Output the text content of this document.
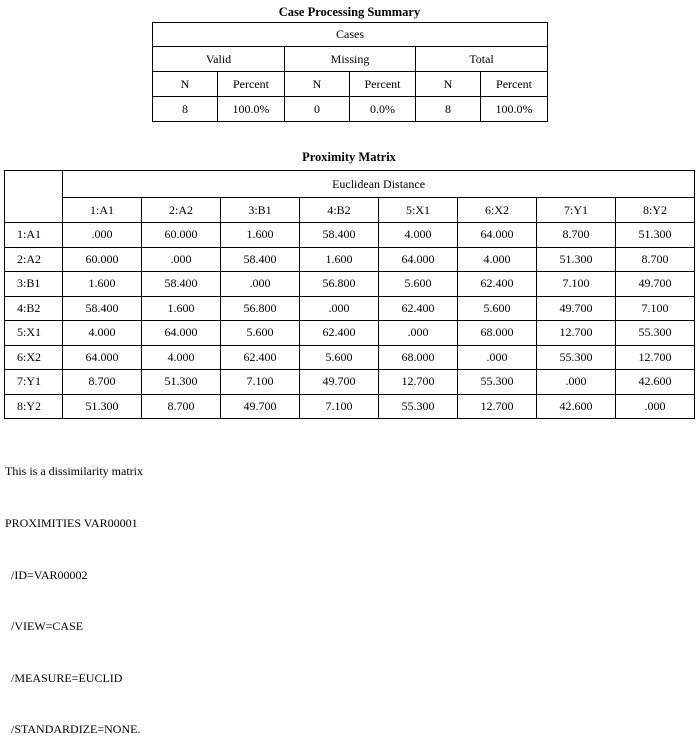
Case Processing Summary
Cases					
Valid		Missing		Total	
N	Percent	N	Percent	N	Percent
8	100.0%	0	0.0%	8	100.0%
Proximity Matrix
	Euclidean Distance							
	1:A1	2:A2	3:B1	4:B2	5:X1	6:X2	7:Y1	8:Y2
1:A1	.000	60.000	1.600	58.400	4.000	64.000	8.700	51.300
2:A2	60.000	.000	58.400	1.600	64.000	4.000	51.300	8.700
3:B1	1.600	58.400	.000	56.800	5.600	62.400	7.100	49.700
4:B2	58.400	1.600	56.800	.000	62.400	5.600	49.700	7.100
5:X1	4.000	64.000	5.600	62.400	.000	68.000	12.700	55.300
6:X2	64.000	4.000	62.400	5.600	68.000	.000	55.300	12.700
7:Y1	8.700	51.300	7.100	49.700	12.700	55.300	.000	42.600
8:Y2	51.300	8.700	49.700	7.100	55.300	12.700	42.600	.000

This is a dissimilarity matrix

PROXIMITIES VAR00001

/ID=VAR00002

/VIEW=CASE

/MEASURE=EUCLID

/STANDARDIZE=NONE.
